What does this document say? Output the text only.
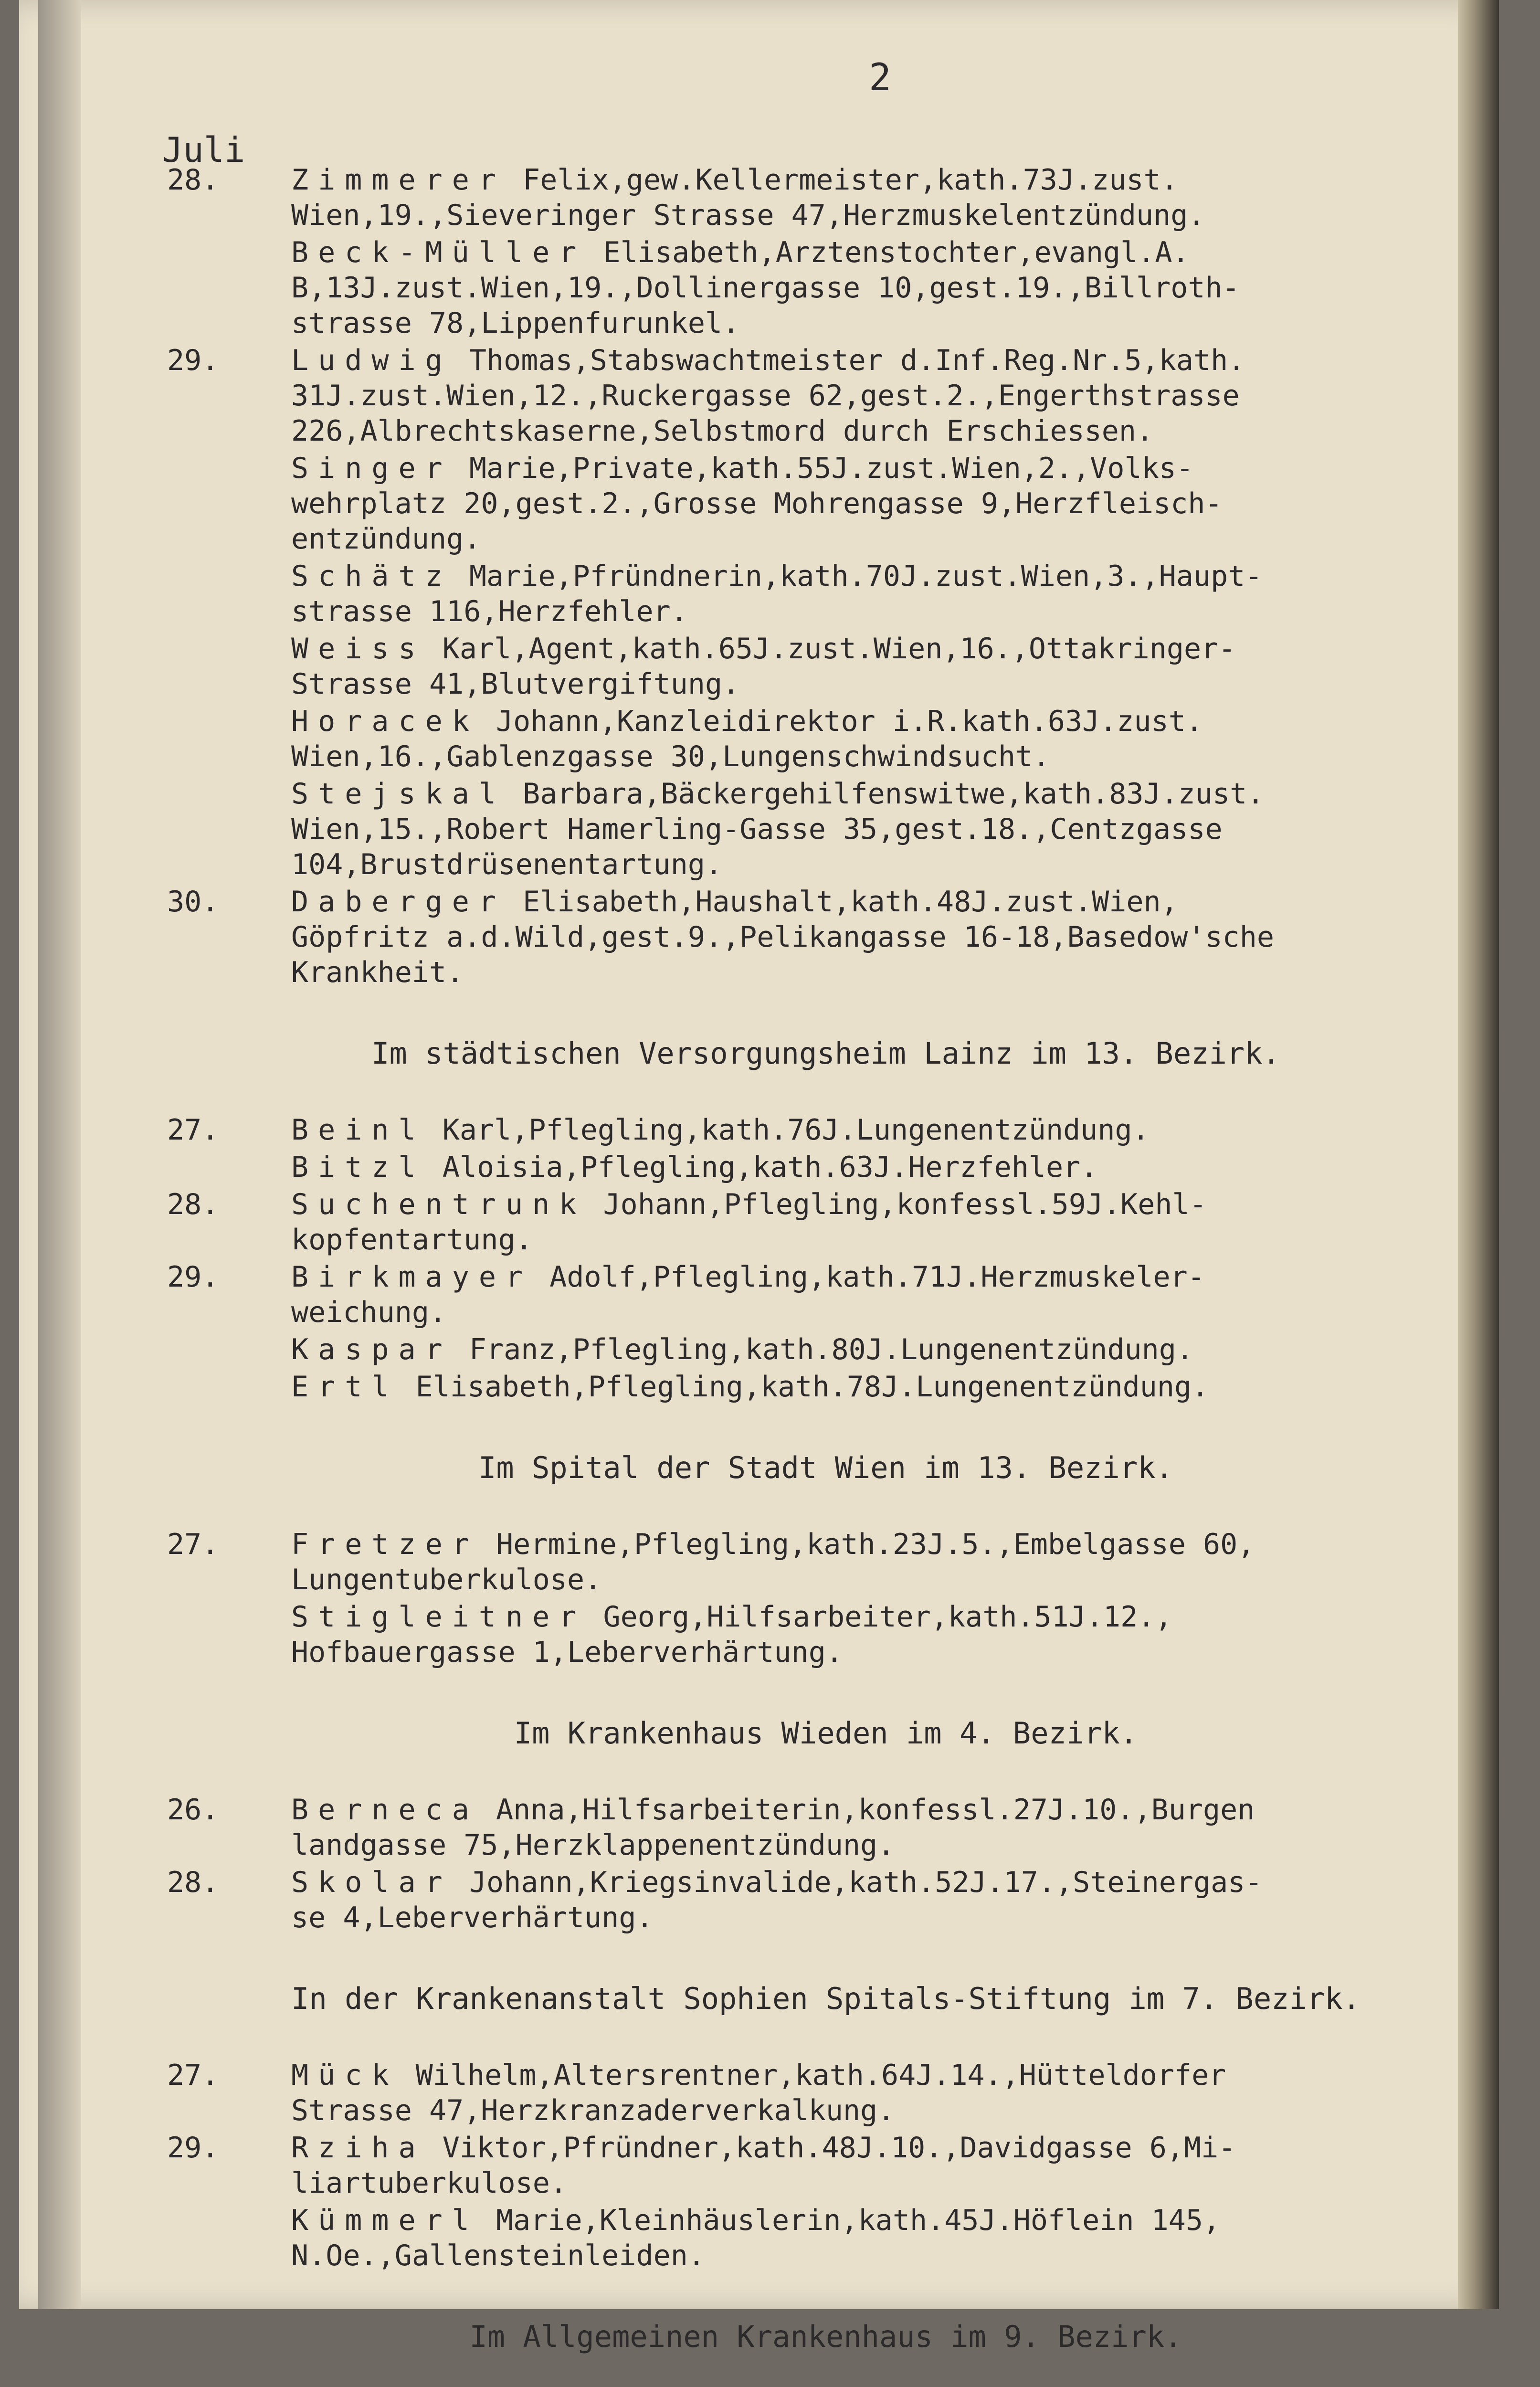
2
Juli
28.	Zimmerer Felix,gew.Kellermeister,kath.73J.zust.
Wien,19.,Sieveringer Strasse 47,Herzmuskelentzündung.
Beck-Müller Elisabeth,Arztenstochter,evangl.A.
B,13J.zust.Wien,19.,Dollinergasse 10,gest.19.,Billroth-
strasse 78,Lippenfurunkel.
29.	Ludwig Thomas,Stabswachtmeister d.Inf.Reg.Nr.5,kath.
31J.zust.Wien,12.,Ruckergasse 62,gest.2.,Engerthstrasse
226,Albrechtskaserne,Selbstmord durch Erschiessen.
Singer Marie,Private,kath.55J.zust.Wien,2.,Volks-
wehrplatz 20,gest.2.,Grosse Mohrengasse 9,Herzfleisch-
entzündung.
Schätz Marie,Pfründnerin,kath.70J.zust.Wien,3.,Haupt-
strasse 116,Herzfehler.
Weiss Karl,Agent,kath.65J.zust.Wien,16.,Ottakringer-
Strasse 41,Blutvergiftung.
Horacek Johann,Kanzleidirektor i.R.kath.63J.zust.
Wien,16.,Gablenzgasse 30,Lungenschwindsucht.
Stejskal Barbara,Bäckergehilfenswitwe,kath.83J.zust.
Wien,15.,Robert Hamerling-Gasse 35,gest.18.,Centzgasse
104,Brustdrüsenentartung.
30.	Daberger Elisabeth,Haushalt,kath.48J.zust.Wien,
Göpfritz a.d.Wild,gest.9.,Pelikangasse 16-18,Basedow'sche
Krankheit.
Im städtischen Versorgungsheim Lainz im 13. Bezirk.
27.	Beinl Karl,Pflegling,kath.76J.Lungenentzündung.
Bitzl Aloisia,Pflegling,kath.63J.Herzfehler.
28.	Suchentrunk Johann,Pflegling,konfessl.59J.Kehl-
kopfentartung.
29.	Birkmayer Adolf,Pflegling,kath.71J.Herzmuskeler-
weichung.
Kaspar Franz,Pflegling,kath.80J.Lungenentzündung.
Ertl Elisabeth,Pflegling,kath.78J.Lungenentzündung.
Im Spital der Stadt Wien im 13. Bezirk.
27.	Fretzer Hermine,Pflegling,kath.23J.5.,Embelgasse 60,
Lungentuberkulose.
Stigleitner Georg,Hilfsarbeiter,kath.51J.12.,
Hofbauergasse 1,Leberverhärtung.
Im Krankenhaus Wieden im 4. Bezirk.
26.	Bernecа Anna,Hilfsarbeiterin,konfessl.27J.10.,Burgen
landgasse 75,Herzklappenentzündung.
28.	Skolar Johann,Kriegsinvalide,kath.52J.17.,Steinergas-
se 4,Leberverhärtung.
In der Krankenanstalt Sophien Spitals-Stiftung im 7. Bezirk.
27.	Mück Wilhelm,Altersrentner,kath.64J.14.,Hütteldorfer
Strasse 47,Herzkranzaderverkalkung.
29.	Rziha Viktor,Pfründner,kath.48J.10.,Davidgasse 6,Mi-
liartuberkulose.
Kümmerl Marie,Kleinhäuslerin,kath.45J.Höflein 145,
N.Oe.,Gallensteinleiden.
Im Allgemeinen Krankenhaus im 9. Bezirk.
